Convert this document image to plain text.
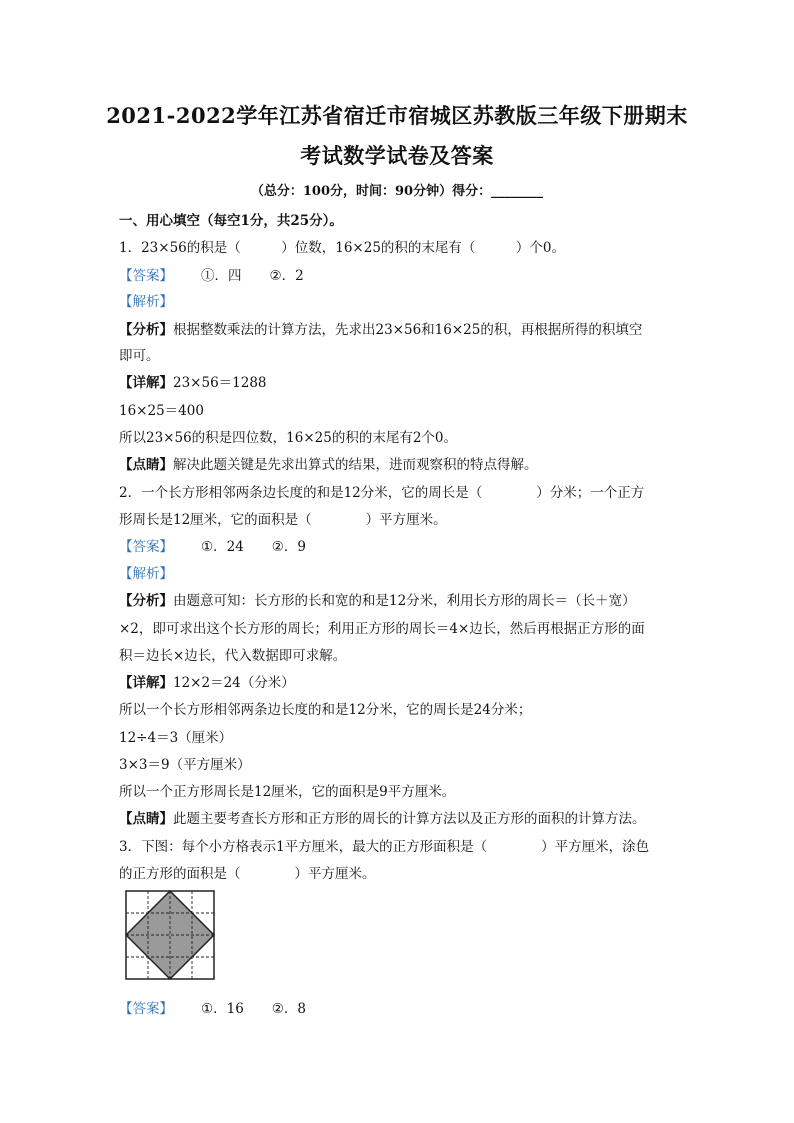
2021-2022学年江苏省宿迁市宿城区苏教版三年级下册期末
考试数学试卷及答案
（总分：100分，时间：90分钟）得分：________
一、用心填空（每空1分，共25分）。
1．23×56的积是（　　　）位数，16×25的积的末尾有（　　　）个0。
【答案】 ①．四 ②．2
【解析】
【分析】根据整数乘法的计算方法，先求出23×56和16×25的积，再根据所得的积填空
即可。
【详解】23×56＝1288
16×25＝400
所以23×56的积是四位数，16×25的积的末尾有2个0。
【点睛】解决此题关键是先求出算式的结果，进而观察积的特点得解。
2．一个长方形相邻两条边长度的和是12分米，它的周长是（　　　　）分米；一个正方
形周长是12厘米，它的面积是（　　　　）平方厘米。
【答案】 ①．24 ②．9
【解析】
【分析】由题意可知：长方形的长和宽的和是12分米，利用长方形的周长＝（长＋宽）
×2，即可求出这个长方形的周长；利用正方形的周长＝4×边长，然后再根据正方形的面
积＝边长×边长，代入数据即可求解。
【详解】12×2＝24（分米）
所以一个长方形相邻两条边长度的和是12分米，它的周长是24分米；
12÷4＝3（厘米）
3×3＝9（平方厘米）
所以一个正方形周长是12厘米，它的面积是9平方厘米。
【点睛】此题主要考查长方形和正方形的周长的计算方法以及正方形的面积的计算方法。
3．下图：每个小方格表示1平方厘米，最大的正方形面积是（　　　　）平方厘米，涂色
的正方形的面积是（　　　　）平方厘米。
【答案】 ①．16 ②．8
